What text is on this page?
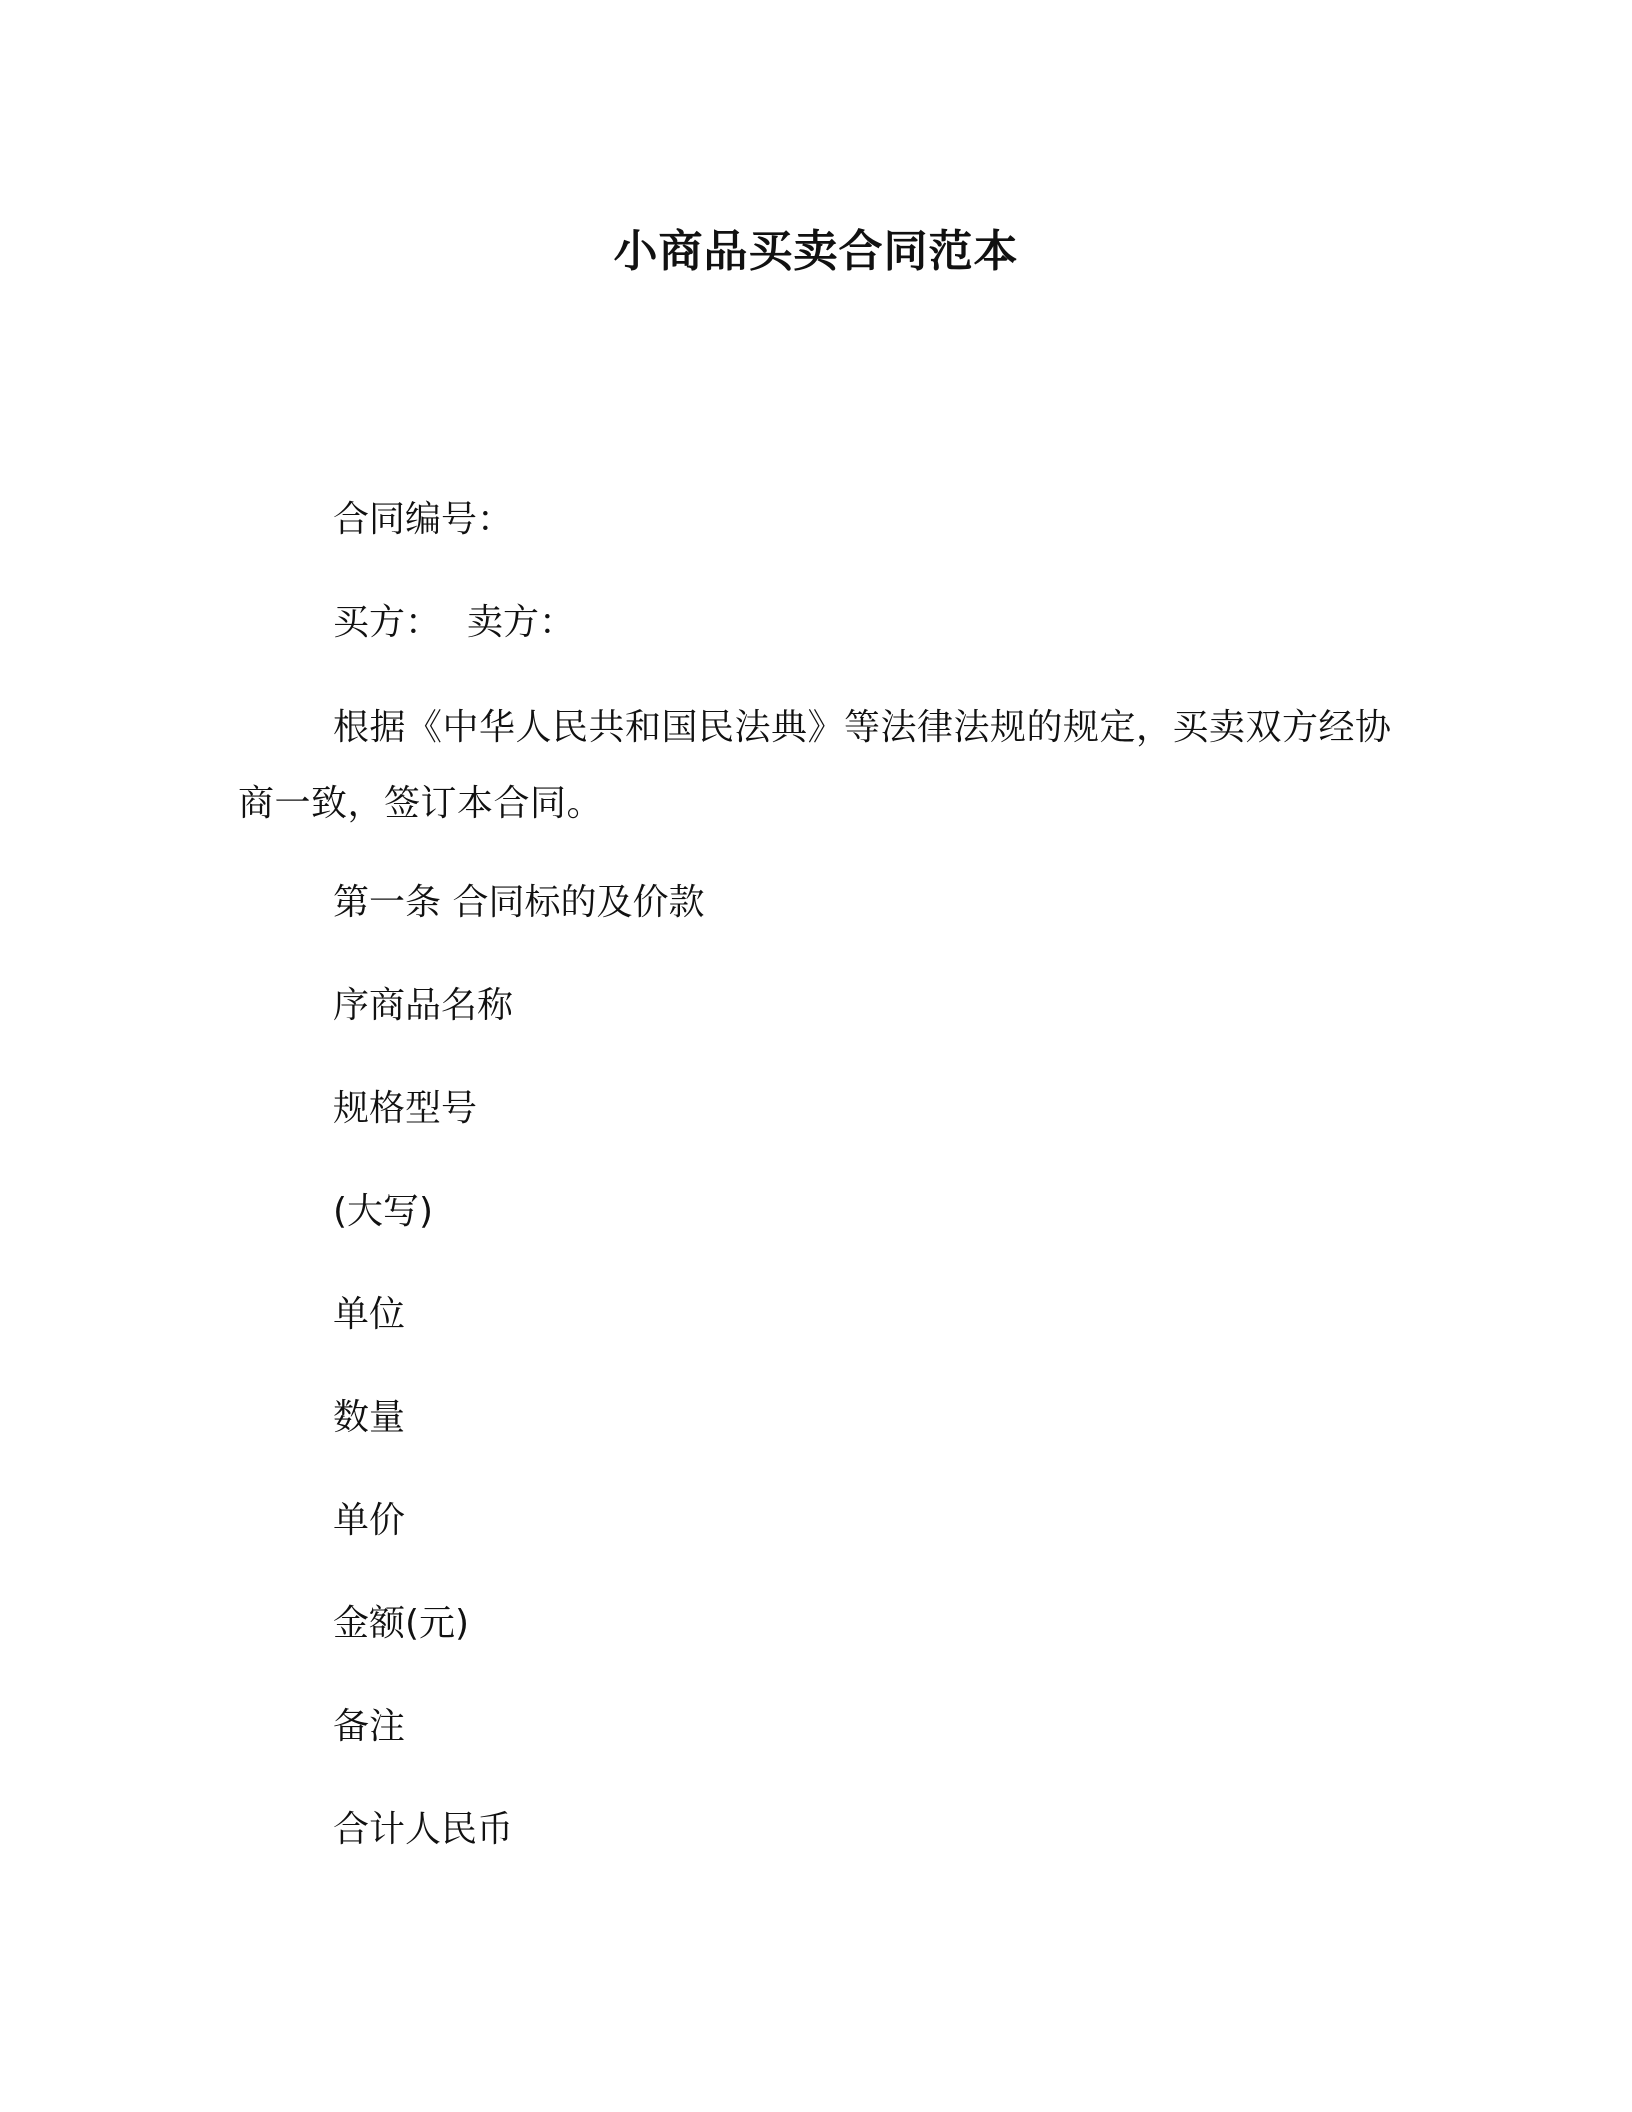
小商品买卖合同范本

合同编号：

买方： 卖方：

根据《中华人民共和国民法典》等法律法规的规定，买卖双方经协商一致，签订本合同。

第一条 合同标的及价款

序商品名称

规格型号

(大写)

单位

数量

单价

金额(元)

备注

合计人民币
